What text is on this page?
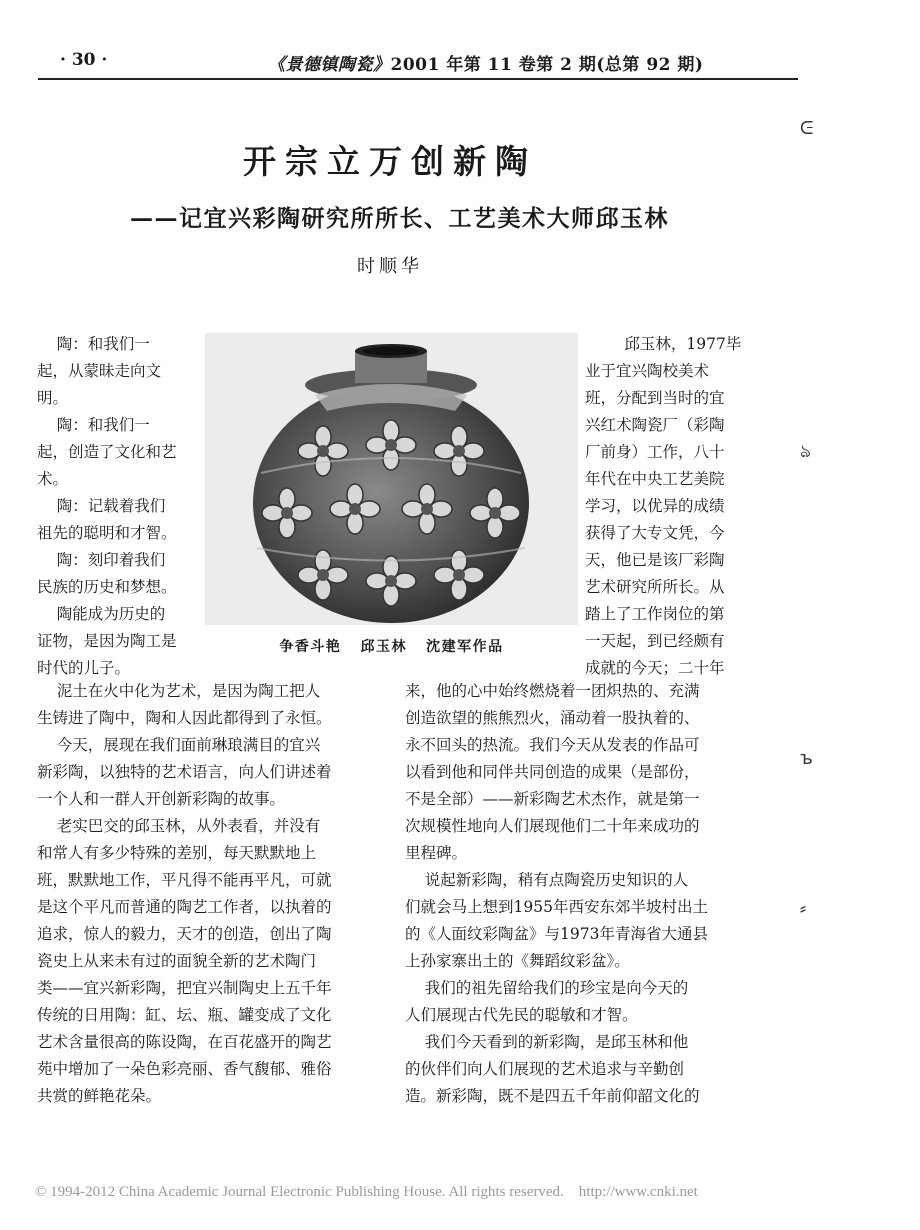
· 30 ·	《景德镇陶瓷》2001 年第 11 卷第 2 期(总第 92 期)
开宗立万创新陶
——记宜兴彩陶研究所所长、工艺美术大师邱玉林
时顺华
陶：和我们一
起，从蒙昧走向文
明。
陶：和我们一
起，创造了文化和艺
术。
陶：记载着我们
祖先的聪明和才智。
陶：刻印着我们
民族的历史和梦想。
陶能成为历史的
证物，是因为陶工是
时代的儿子。
争香斗艳   邱玉林   沈建军作品
邱玉林，1977毕
业于宜兴陶校美术
班，分配到当时的宜
兴红术陶瓷厂（彩陶
厂前身）工作，八十
年代在中央工艺美院
学习，以优异的成绩
获得了大专文凭，今
天，他已是该厂彩陶
艺术研究所所长。从
踏上了工作岗位的第
一天起，到已经颇有
成就的今天；二十年
泥土在火中化为艺术，是因为陶工把人
生铸进了陶中，陶和人因此都得到了永恒。
今天，展现在我们面前琳琅满目的宜兴
新彩陶，以独特的艺术语言，向人们讲述着
一个人和一群人开创新彩陶的故事。
老实巴交的邱玉林，从外表看，并没有
和常人有多少特殊的差别，每天默默地上
班，默默地工作，平凡得不能再平凡，可就
是这个平凡而普通的陶艺工作者，以执着的
追求，惊人的毅力，天才的创造，创出了陶
瓷史上从来未有过的面貌全新的艺术陶门
类——宜兴新彩陶，把宜兴制陶史上五千年
传统的日用陶：缸、坛、瓶、罐变成了文化
艺术含量很高的陈设陶，在百花盛开的陶艺
苑中增加了一朵色彩亮丽、香气馥郁、雅俗
共赏的鲜艳花朵。
来，他的心中始终燃烧着一团炽热的、充满
创造欲望的熊熊烈火，涌动着一股执着的、
永不回头的热流。我们今天从发表的作品可
以看到他和同伴共同创造的成果（是部份，
不是全部）——新彩陶艺术杰作，就是第一
次规模性地向人们展现他们二十年来成功的
里程碑。
说起新彩陶，稍有点陶瓷历史知识的人
们就会马上想到1955年西安东郊半坡村出土
的《人面纹彩陶盆》与1973年青海省大通县
上孙家寨出土的《舞蹈纹彩盆》。
我们的祖先留给我们的珍宝是向今天的
人们展现古代先民的聪敏和才智。
我们今天看到的新彩陶，是邱玉林和他
的伙伴们向人们展现的艺术追求与辛勤创
造。新彩陶，既不是四五千年前仰韶文化的
ᕮ
ঌ
ъ
⸗
© 1994-2012 China Academic Journal Electronic Publishing House. All rights reserved.    http://www.cnki.net
